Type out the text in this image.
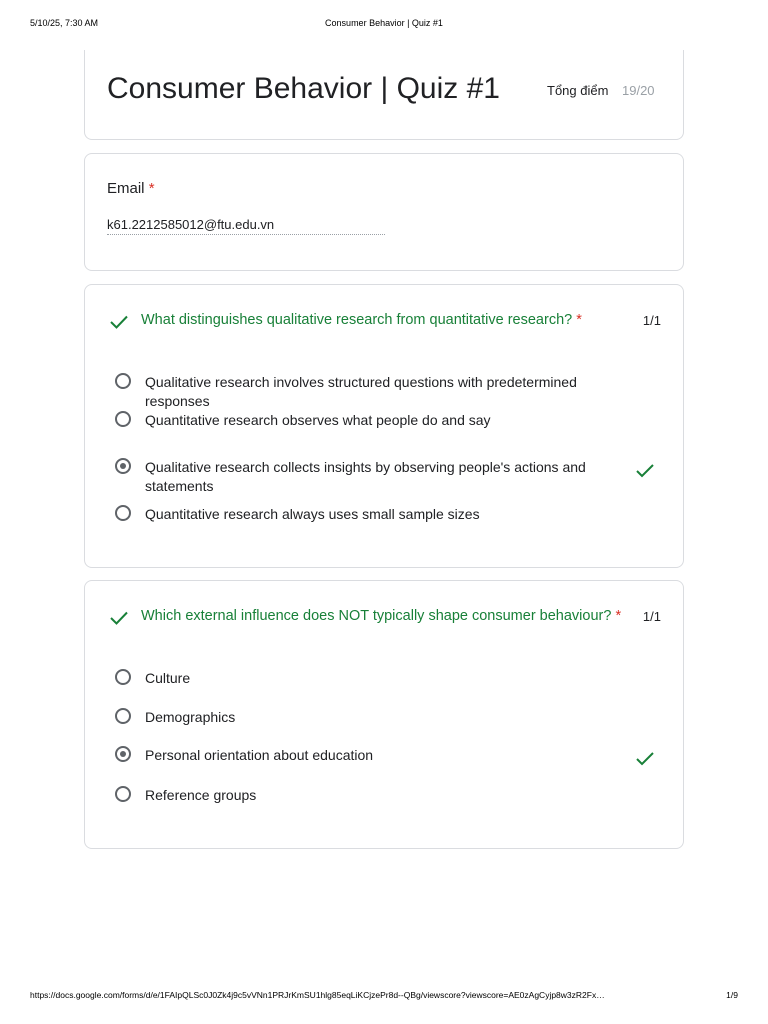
5/10/25, 7:30 AM	Consumer Behavior | Quiz #1
Consumer Behavior | Quiz #1	Tổng điểm 19/20
Email *
k61.2212585012@ftu.edu.vn
What distinguishes qualitative research from quantitative research? *	1/1
Qualitative research involves structured questions with predetermined responses
Quantitative research observes what people do and say
Qualitative research collects insights by observing people's actions and statements
Quantitative research always uses small sample sizes
Which external influence does NOT typically shape consumer behaviour? * 1/1
Culture
Demographics
Personal orientation about education
Reference groups
https://docs.google.com/forms/d/e/1FAIpQLSc0J0Zk4j9c5vVNn1PRJrKmSU1hlg85eqLiKCjzePr8d--QBg/viewscore?viewscore=AE0zAgCyjp8w3zR2Fx…	1/9
